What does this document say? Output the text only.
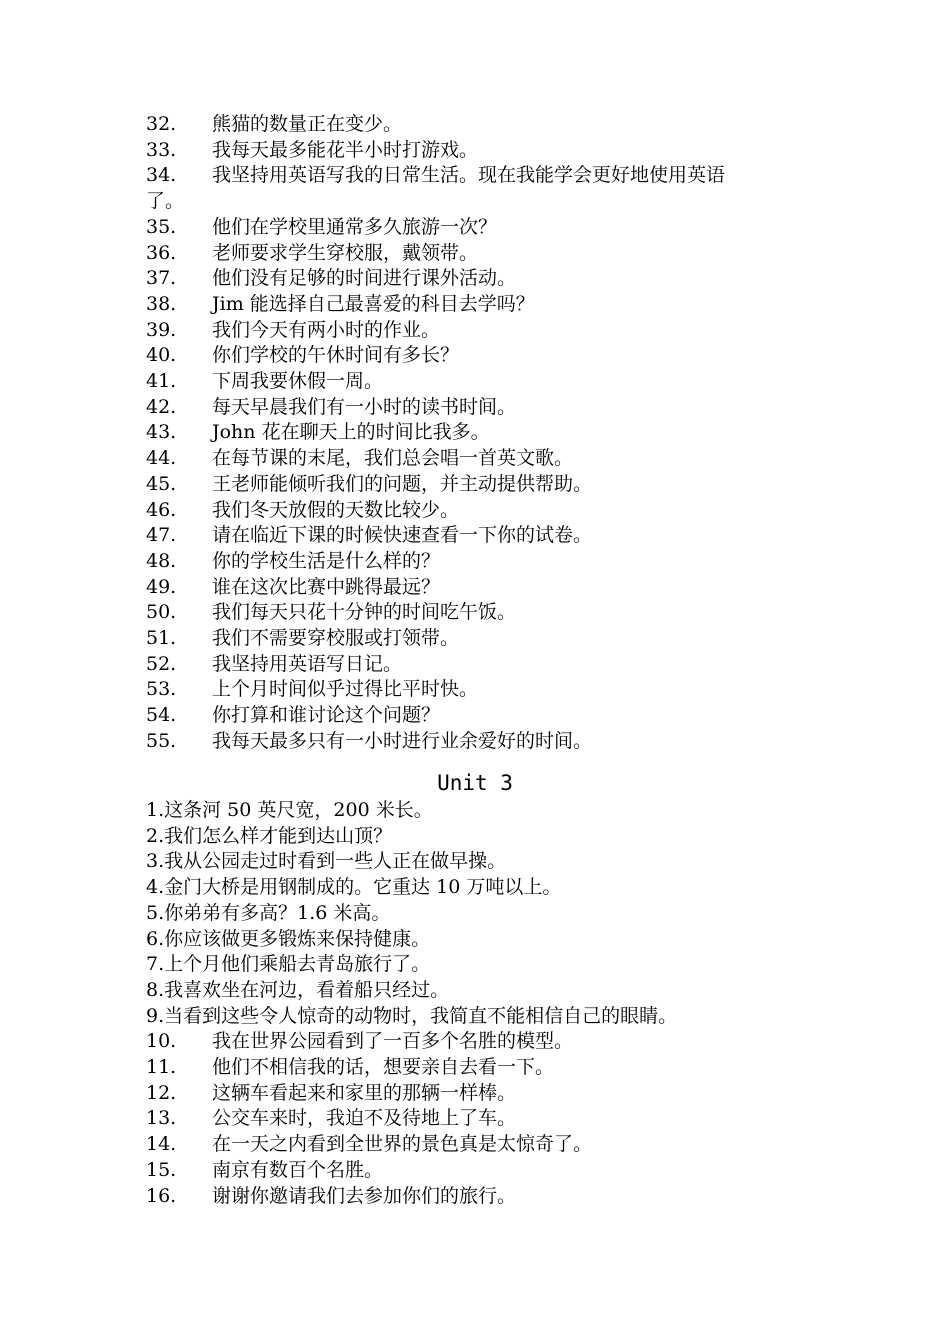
32. 熊猫的数量正在变少。
33. 我每天最多能花半小时打游戏。
34. 我坚持用英语写我的日常生活。现在我能学会更好地使用英语
了。
35. 他们在学校里通常多久旅游一次？
36. 老师要求学生穿校服，戴领带。
37. 他们没有足够的时间进行课外活动。
38. Jim 能选择自己最喜爱的科目去学吗？
39. 我们今天有两小时的作业。
40. 你们学校的午休时间有多长？
41. 下周我要休假一周。
42. 每天早晨我们有一小时的读书时间。
43. John 花在聊天上的时间比我多。
44. 在每节课的末尾，我们总会唱一首英文歌。
45. 王老师能倾听我们的问题，并主动提供帮助。
46. 我们冬天放假的天数比较少。
47. 请在临近下课的时候快速查看一下你的试卷。
48. 你的学校生活是什么样的？
49. 谁在这次比赛中跳得最远？
50. 我们每天只花十分钟的时间吃午饭。
51. 我们不需要穿校服或打领带。
52. 我坚持用英语写日记。
53. 上个月时间似乎过得比平时快。
54. 你打算和谁讨论这个问题？
55. 我每天最多只有一小时进行业余爱好的时间。
Unit 3
1.这条河 50 英尺宽，200 米长。
2.我们怎么样才能到达山顶？
3.我从公园走过时看到一些人正在做早操。
4.金门大桥是用钢制成的。它重达 10 万吨以上。
5.你弟弟有多高？1.6 米高。
6.你应该做更多锻炼来保持健康。
7.上个月他们乘船去青岛旅行了。
8.我喜欢坐在河边，看着船只经过。
9.当看到这些令人惊奇的动物时，我简直不能相信自己的眼睛。
10. 我在世界公园看到了一百多个名胜的模型。
11. 他们不相信我的话，想要亲自去看一下。
12. 这辆车看起来和家里的那辆一样棒。
13. 公交车来时，我迫不及待地上了车。
14. 在一天之内看到全世界的景色真是太惊奇了。
15. 南京有数百个名胜。
16. 谢谢你邀请我们去参加你们的旅行。
